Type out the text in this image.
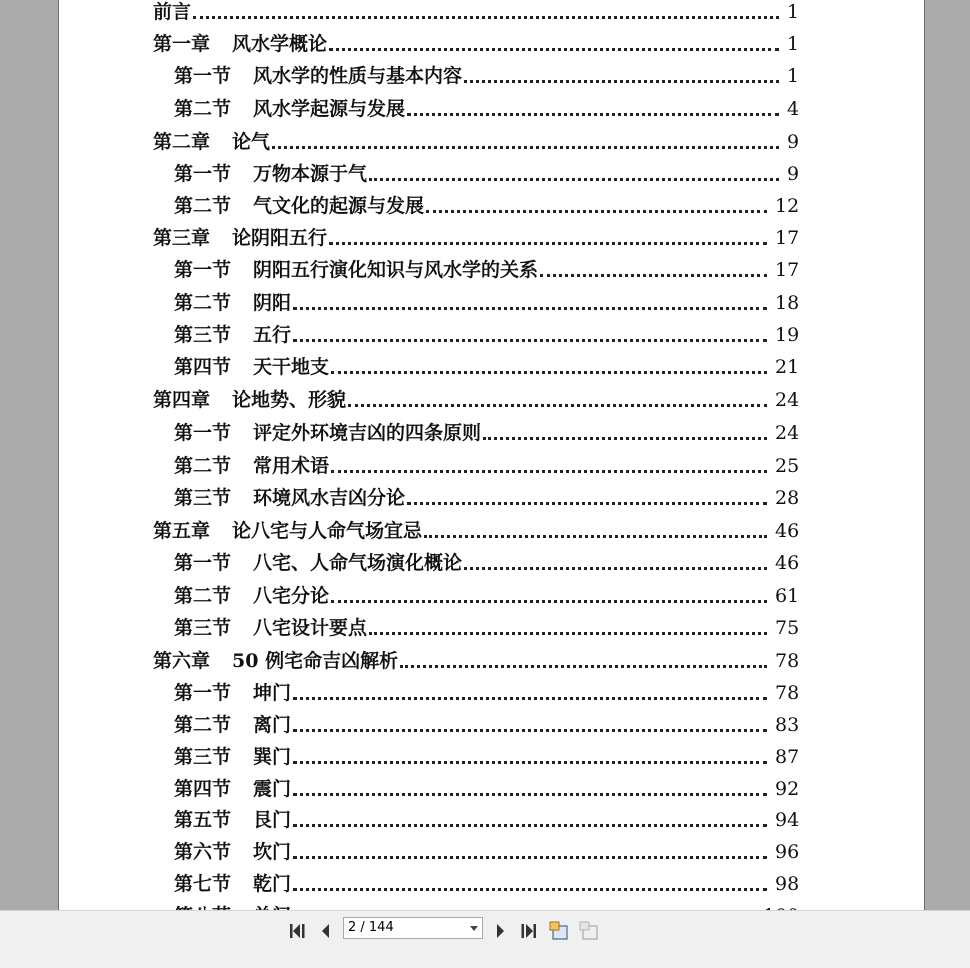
前言	1
第一章 风水学概论	1
第一节 风水学的性质与基本内容	1
第二节 风水学起源与发展	4
第二章 论气	9
第一节 万物本源于气	9
第二节 气文化的起源与发展	12
第三章 论阴阳五行	17
第一节 阴阳五行演化知识与风水学的关系	17
第二节 阴阳	18
第三节 五行	19
第四节 天干地支	21
第四章 论地势、形貌	24
第一节 评定外环境吉凶的四条原则	24
第二节 常用术语	25
第三节 环境风水吉凶分论	28
第五章 论八宅与人命气场宜忌	46
第一节 八宅、人命气场演化概论	46
第二节 八宅分论	61
第三节 八宅设计要点	75
第六章 50 例宅命吉凶解析	78
第一节 坤门	78
第二节 离门	83
第三节 巽门	87
第四节 震门	92
第五节 艮门	94
第六节 坎门	96
第七节 乾门	98
2 / 144
